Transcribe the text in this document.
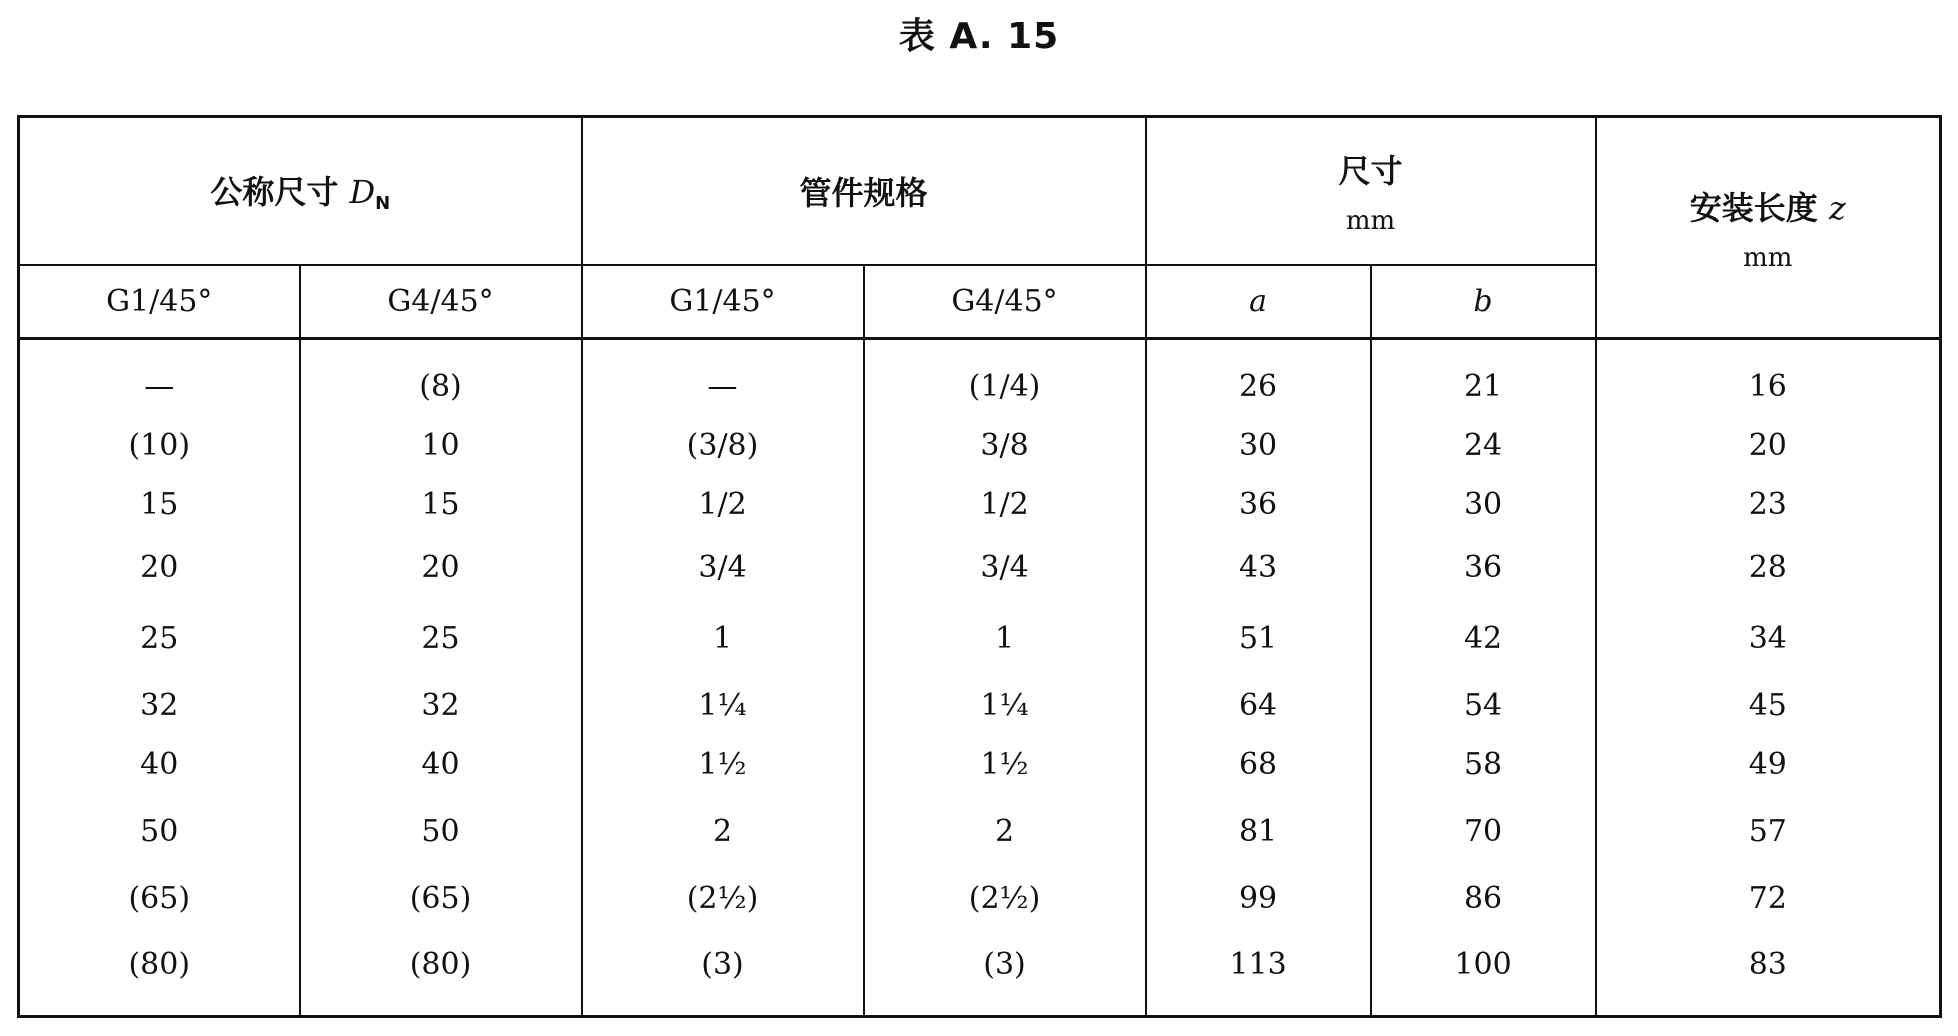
表 A. 15
公称尺寸 DN		管件规格		尺寸
mm		安装长度 z
mm

G1/45°	G4/45°	G1/45°	G4/45°	a	b	
—	(8)	—	(1/4)	26	21	16
(10)	10	(3/8)	3/8	30	24	20
15	15	1/2	1/2	36	30	23
20	20	3/4	3/4	43	36	28
25	25	1	1	51	42	34
32	32	1¼	1¼	64	54	45
40	40	1½	1½	68	58	49
50	50	2	2	81	70	57
(65)	(65)	(2½)	(2½)	99	86	72
(80)	(80)	(3)	(3)	113	100	83
